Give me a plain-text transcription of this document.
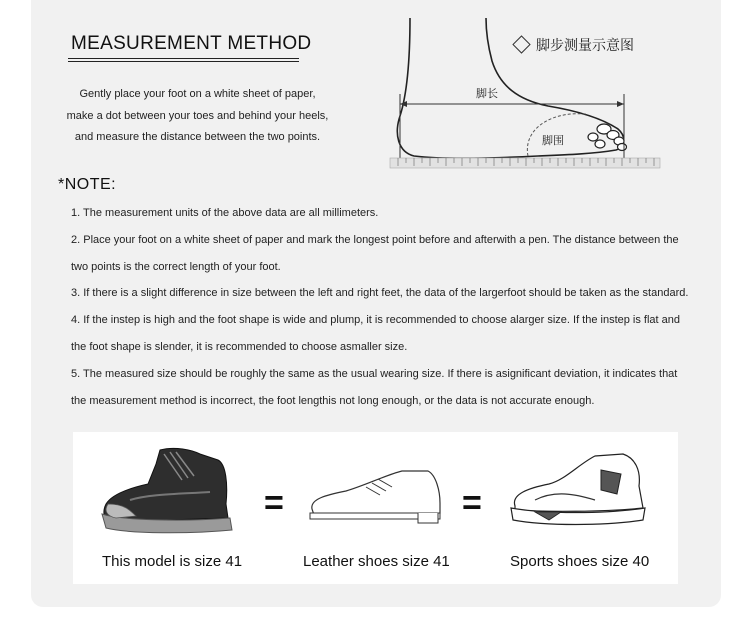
MEASUREMENT METHOD
Gently place your foot on a white sheet of paper,
make a dot between your toes and behind your heels,
and measure the distance between the two points.
脚长
脚围
脚步测量示意图
*NOTE:
1. The measurement units of the above data are all millimeters.
2. Place your foot on a white sheet of paper and mark the longest point before and afterwith a pen. The distance between the
two points is the correct length of your foot.
3. If there is a slight difference in size between the left and right feet, the data of the largerfoot should be taken as the standard.
4. If the instep is high and the foot shape is wide and plump, it is recommended to choose alarger size. If the instep is flat and
the foot shape is slender, it is recommended to choose asmaller size.
5. The measured size should be roughly the same as the usual wearing size. If there is asignificant deviation, it indicates that
the measurement method is incorrect, the foot lengthis not long enough, or the data is not accurate enough.
=	=
This model is size 41	Leather shoes size 41	Sports shoes size 40
